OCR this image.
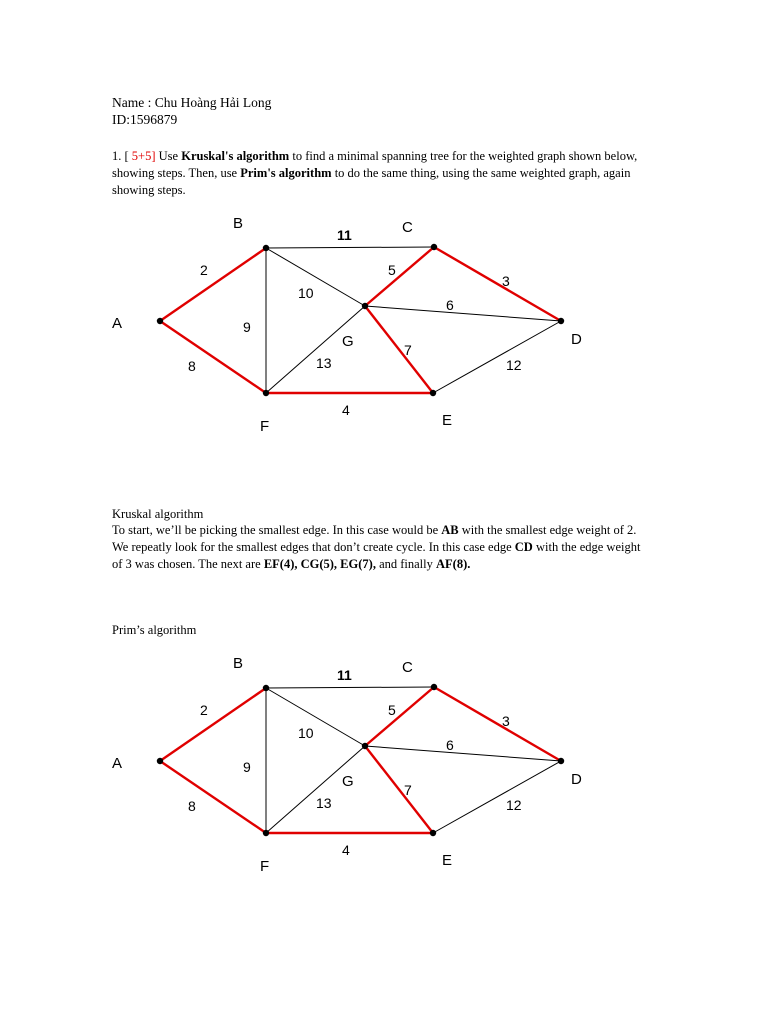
Name : Chu Hoàng Hải Long
ID:1596879
1. [ 5+5] Use Kruskal's algorithm to find a minimal spanning tree for the weighted graph shown below,
showing steps. Then, use Prim's algorithm to do the same thing, using the same weighted graph, again
showing steps.
2
8
11
9
10
5
3
6
7
13
4
12
A
B	C
D
E
F
G
Kruskal algorithm
To start, we’ll be picking the smallest edge. In this case would be AB with the smallest edge weight of 2.
We repeatly look for the smallest edges that don’t create cycle. In this case edge CD with the edge weight
of 3 was chosen. The next are EF(4), CG(5), EG(7), and finally AF(8).
Prim’s algorithm
2
8
11
9
10
5
3
6
7
13
4
12
A
B	C
D
E
F
G
